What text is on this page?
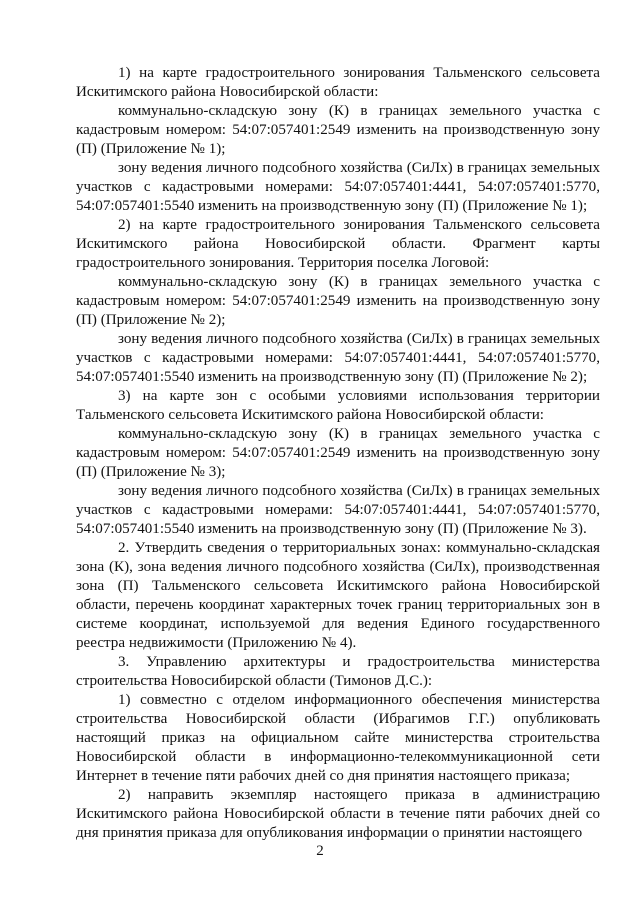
1) на карте градостроительного зонирования Тальменского сельсовета Искитимского района Новосибирской области:

коммунально-складскую зону (К) в границах земельного участка с кадастровым номером: 54:07:057401:2549 изменить на производственную зону (П) (Приложение № 1);

зону ведения личного подсобного хозяйства (СиЛх) в границах земельных участков с кадастровыми номерами: 54:07:057401:4441, 54:07:057401:5770, 54:07:057401:5540 изменить на производственную зону (П) (Приложение № 1);

2) на карте градостроительного зонирования Тальменского сельсовета Искитимского района Новосибирской области. Фрагмент карты градостроительного зонирования. Территория поселка Логовой:

коммунально-складскую зону (К) в границах земельного участка с кадастровым номером: 54:07:057401:2549 изменить на производственную зону (П) (Приложение № 2);

зону ведения личного подсобного хозяйства (СиЛх) в границах земельных участков с кадастровыми номерами: 54:07:057401:4441, 54:07:057401:5770, 54:07:057401:5540 изменить на производственную зону (П) (Приложение № 2);

3) на карте зон с особыми условиями использования территории Тальменского сельсовета Искитимского района Новосибирской области:

коммунально-складскую зону (К) в границах земельного участка с кадастровым номером: 54:07:057401:2549 изменить на производственную зону (П) (Приложение № 3);

зону ведения личного подсобного хозяйства (СиЛх) в границах земельных участков с кадастровыми номерами: 54:07:057401:4441, 54:07:057401:5770, 54:07:057401:5540 изменить на производственную зону (П) (Приложение № 3).

2. Утвердить сведения о территориальных зонах: коммунально-складская зона (К), зона ведения личного подсобного хозяйства (СиЛх), производственная зона (П) Тальменского сельсовета Искитимского района Новосибирской области, перечень координат характерных точек границ территориальных зон в системе координат, используемой для ведения Единого государственного реестра недвижимости (Приложению № 4).

3. Управлению архитектуры и градостроительства министерства строительства Новосибирской области (Тимонов Д.С.):

1) совместно с отделом информационного обеспечения министерства строительства Новосибирской области (Ибрагимов Г.Г.) опубликовать настоящий приказ на официальном сайте министерства строительства Новосибирской области в информационно-телекоммуникационной сети Интернет в течение пяти рабочих дней со дня принятия настоящего приказа;

2) направить экземпляр настоящего приказа в администрацию Искитимского района Новосибирской области в течение пяти рабочих дней со дня принятия приказа для опубликования информации о принятии настоящего

2
